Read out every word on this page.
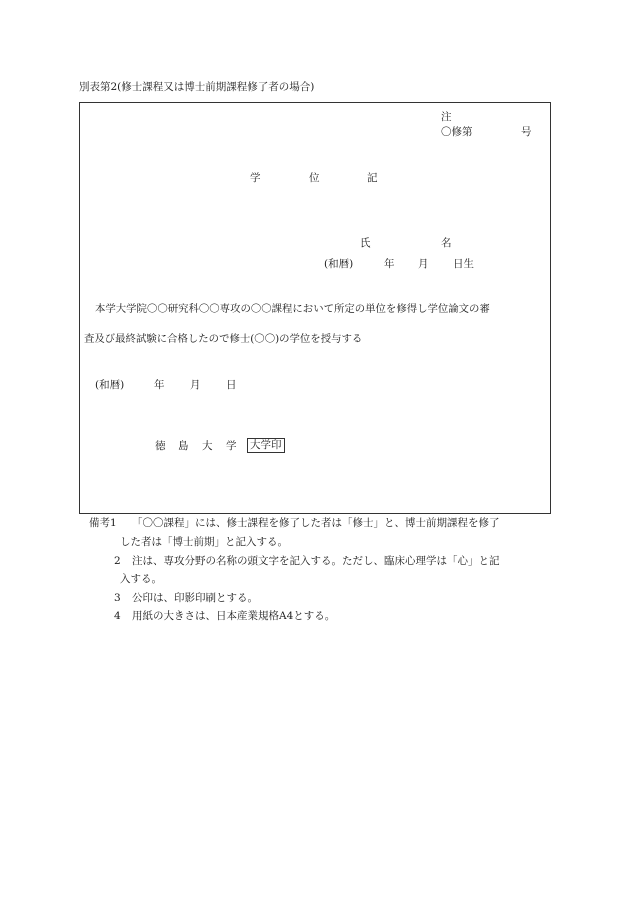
別表第2(修士課程又は博士前期課程修了者の場合)
注
〇修第	号
学	位	記
氏	名
(和暦)	年 月 日生
本学大学院〇〇研究科〇〇専攻の〇〇課程において所定の単位を修得し学位論文の審
査及び最終試験に合格したので修士(〇〇)の学位を授与する
(和暦)	年 月 日
徳 島 大 学 大学印
備考1 「〇〇課程」には、修士課程を修了した者は「修士」と、博士前期課程を修了
した者は「博士前期」と記入する。
2 注は、専攻分野の名称の頭文字を記入する。ただし、臨床心理学は「心」と記
入する。
3 公印は、印影印刷とする。
4 用紙の大きさは、日本産業規格A4とする。
